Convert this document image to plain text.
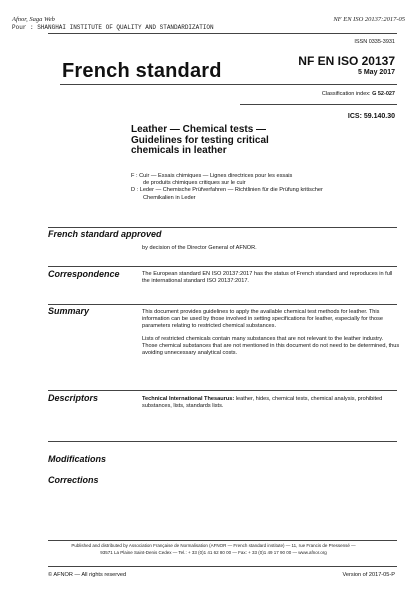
Afnor, Saga Web
Pour : SHANGHAI INSTITUTE OF QUALITY AND STANDARDIZATION
NF EN ISO 20137:2017-05
ISSN 0335-3931
French standard	NF EN ISO 20137
5 May 2017
Classification index: G 52-027
ICS: 59.140.30
Leather — Chemical tests —
Guidelines for testing critical
chemicals in leather
F : Cuir — Essais chimiques — Lignes directrices pour les essais
de produits chimiques critiques sur le cuir
D : Leder — Chemische Prüfverfahren — Richtlinien für die Prüfung kritischer
Chemikalien in Leder
French standard approved
by decision of the Director General of AFNOR.
Correspondence	The European standard EN ISO 20137:2017 has the status of French standard and reproduces in full the international standard ISO 20137:2017.
Summary	This document provides guidelines to apply the available chemical test methods for leather. This information can be used by those involved in setting specifications for leather, especially for those parameters relating to restricted chemical substances.
Lists of restricted chemicals contain many substances that are not relevant to the leather industry. Those chemical substances that are not mentioned in this document do not need to be determined, thus avoiding unnecessary analytical costs.
Descriptors	Technical International Thesaurus: leather, hides, chemical tests, chemical analysis, prohibited substances, lists, standards lists.
Modifications
Corrections
Published and distributed by Association Française de Normalisation (AFNOR — French standard institute) — 11, rue Francis de Pressensé —
93571 La Plaine Saint-Denis Cedex — Tel.: + 33 (0)1 41 62 80 00 — Fax: + 33 (0)1 49 17 90 00 — www.afnor.org
© AFNOR — All rights reserved	Version of 2017-05-P
